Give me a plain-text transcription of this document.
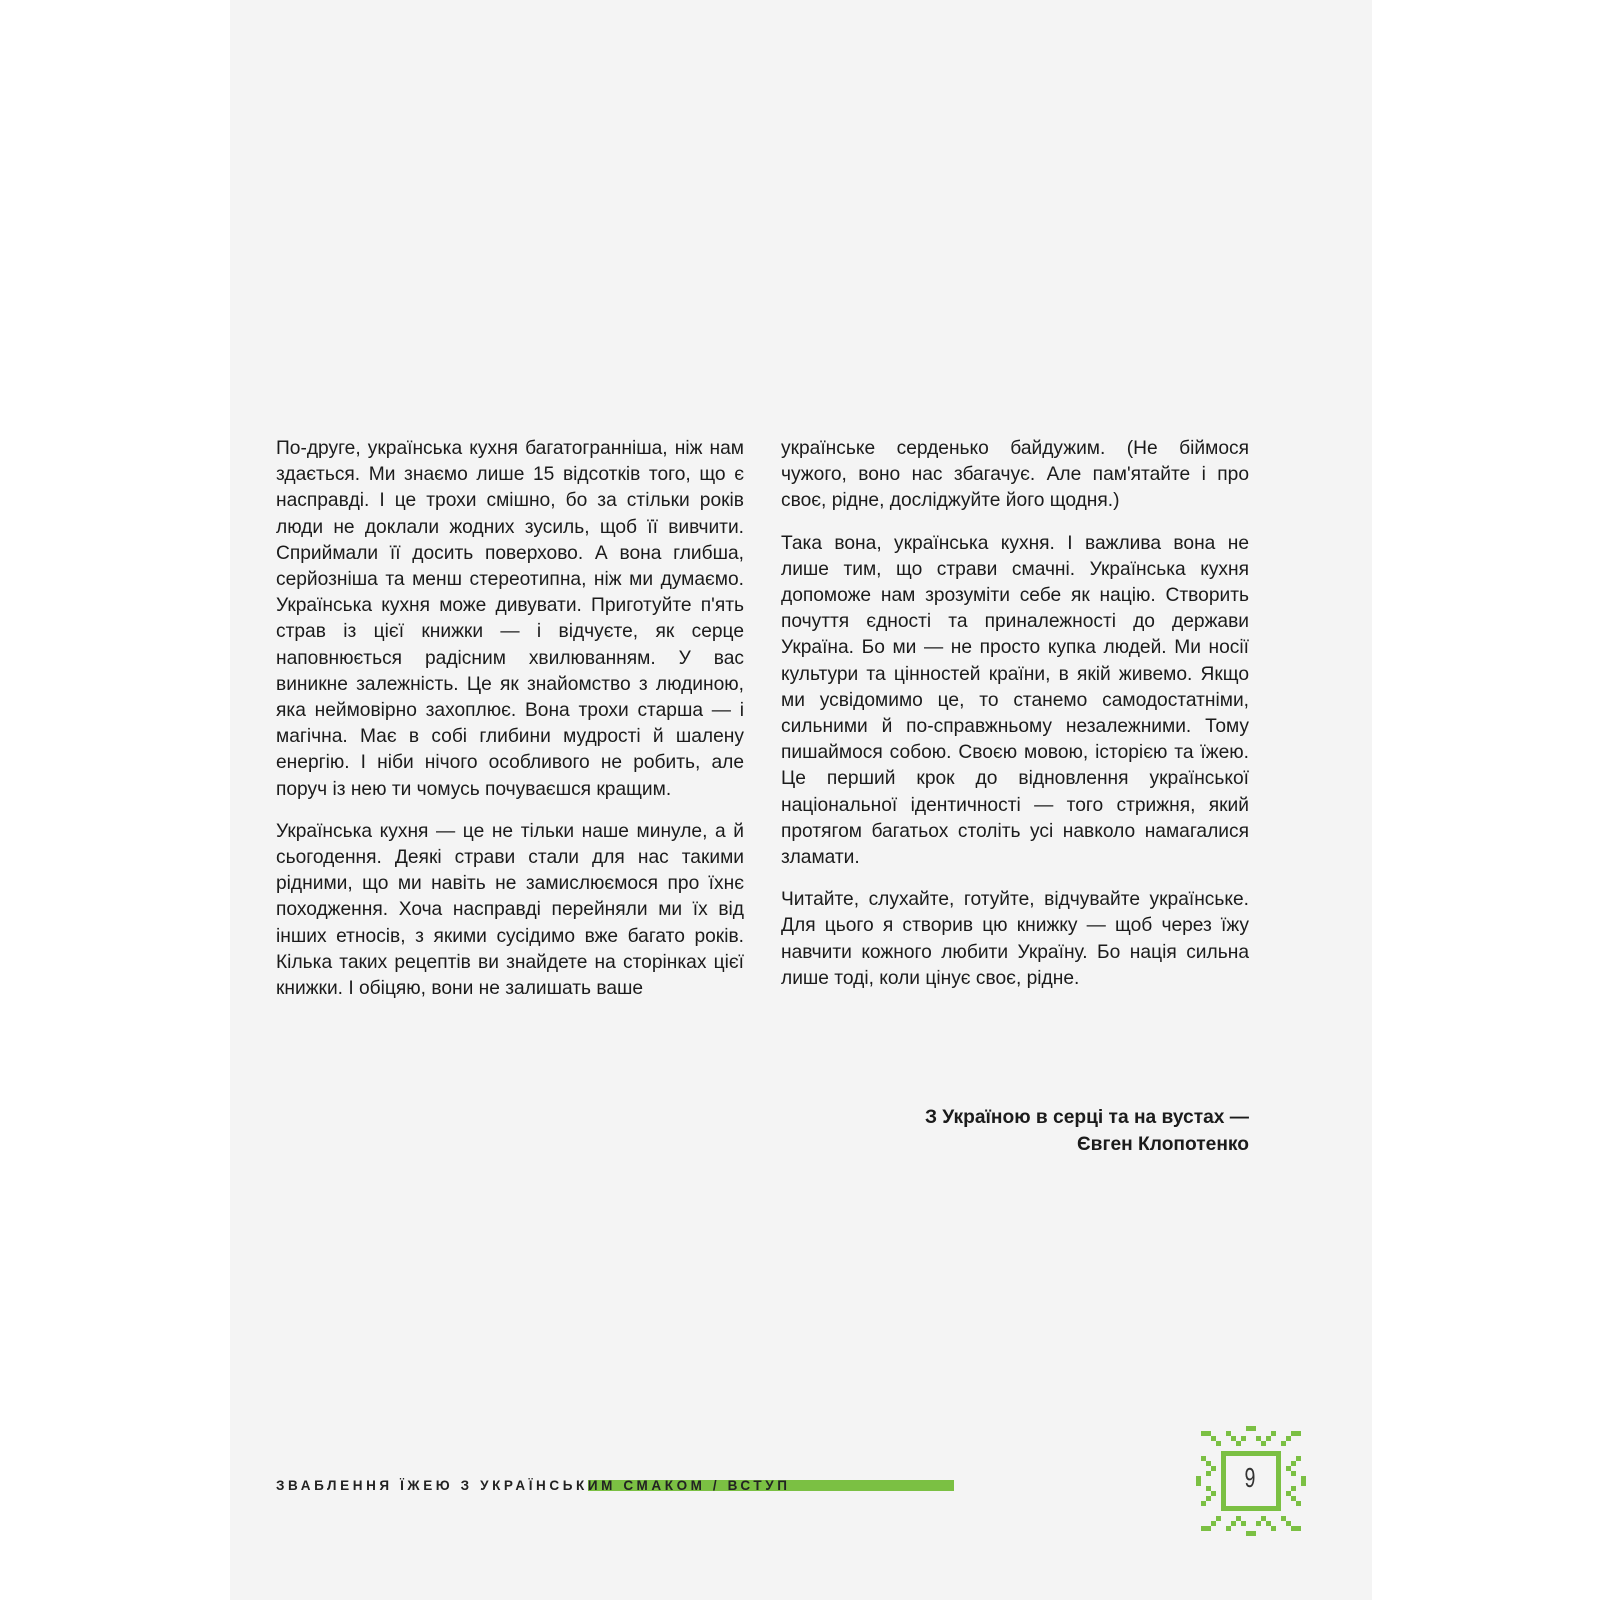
По-друге, українська кухня багатогранніша, ніж нам здається. Ми знаємо лише 15 відсотків того, що є насправді. І це трохи смішно, бо за стільки років люди не доклали жодних зусиль, щоб її вивчити. Сприймали її досить поверхово. А вона глибша, серйозніша та менш стереотипна, ніж ми думаємо. Українська кухня може дивувати. Приготуйте п'ять страв із цієї книжки — і відчуєте, як серце наповнюється радісним хвилюванням. У вас виникне залежність. Це як знайомство з людиною, яка неймовірно захоплює. Вона трохи старша — і магічна. Має в собі глибини мудрості й шалену енергію. І ніби нічого особливого не робить, але поруч із нею ти чомусь почуваєшся кращим.

Українська кухня — це не тільки наше минуле, а й сьогодення. Деякі страви стали для нас такими рідними, що ми навіть не замислюємося про їхнє походження. Хоча насправді перейняли ми їх від інших етносів, з якими сусідимо вже багато років. Кілька таких рецептів ви знайдете на сторінках цієї книжки. І обіцяю, вони не залишать ваше

українське серденько байдужим. (Не біймося чужого, воно нас збагачує. Але пам'ятайте і про своє, рідне, досліджуйте його щодня.)

Така вона, українська кухня. І важлива вона не лише тим, що страви смачні. Українська кухня допоможе нам зрозуміти себе як націю. Створить почуття єдності та приналежності до держави Україна. Бо ми — не просто купка людей. Ми носії культури та цінностей країни, в якій живемо. Якщо ми усвідомимо це, то станемо самодостатніми, сильними й по-справжньому незалежними. Тому пишаймося собою. Своєю мовою, історією та їжею. Це перший крок до відновлення української національної ідентичності — того стрижня, який протягом багатьох століть усі навколо намагалися зламати.

Читайте, слухайте, готуйте, відчувайте українське. Для цього я створив цю книжку — щоб через їжу навчити кожного любити Україну. Бо нація сильна лише тоді, коли цінує своє, рідне.

З Україною в серці та на вустах —
Євген Клопотенко
ЗВАБЛЕННЯ ЇЖЕЮ З УКРАЇНСЬКИМ СМАКОМ / ВСТУП	9
